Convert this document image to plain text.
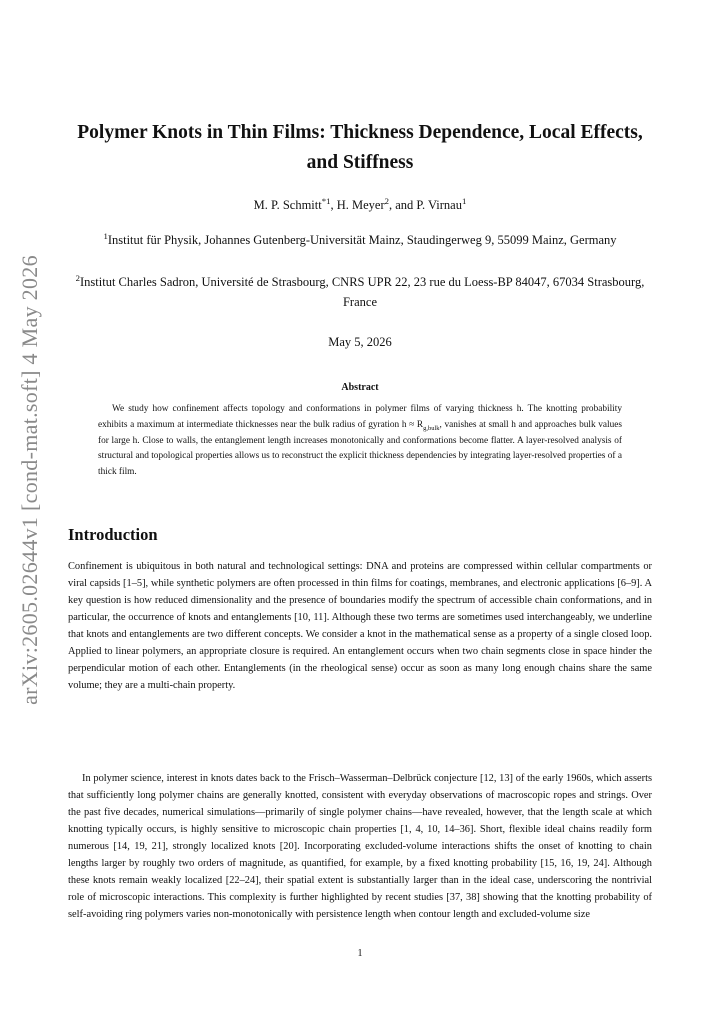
arXiv:2605.02644v1 [cond-mat.soft] 4 May 2026
Polymer Knots in Thin Films: Thickness Dependence, Local Effects, and Stiffness
M. P. Schmitt$^{*1}$, H. Meyer$^2$, and P. Virnau$^1$
$^1$Institut für Physik, Johannes Gutenberg-Universität Mainz, Staudingerweg 9, 55099 Mainz, Germany
$^2$Institut Charles Sadron, Université de Strasbourg, CNRS UPR 22, 23 rue du Loess-BP 84047, 67034 Strasbourg, France
May 5, 2026
Abstract
We study how confinement affects topology and conformations in polymer films of varying thickness h. The knotting probability exhibits a maximum at intermediate thicknesses near the bulk radius of gyration $h \approx R_{g,bulk}$, vanishes at small h and approaches bulk values for large h. Close to walls, the entanglement length increases monotonically and conformations become flatter. A layer-resolved analysis of structural and topological properties allows us to reconstruct the explicit thickness dependencies by integrating layer-resolved properties of a thick film.
Introduction
Confinement is ubiquitous in both natural and technological settings: DNA and proteins are compressed within cellular compartments or viral capsids [1–5], while synthetic polymers are often processed in thin films for coatings, membranes, and electronic applications [6–9]. A key question is how reduced dimensionality and the presence of boundaries modify the spectrum of accessible chain conformations, and in particular, the occurrence of knots and entanglements [10, 11]. Although these two terms are sometimes used interchangeably, we underline that knots and entanglements are two different concepts. We consider a knot in the mathematical sense as a property of a single closed loop. Applied to linear polymers, an appropriate closure is required. An entanglement occurs when two chain segments close in space hinder the perpendicular motion of each other. Entanglements (in the rheological sense) occur as soon as many long enough chains share the same volume; they are a multi-chain property.
In polymer science, interest in knots dates back to the Frisch–Wasserman–Delbrück conjecture [12, 13] of the early 1960s, which asserts that sufficiently long polymer chains are generally knotted, consistent with everyday observations of macroscopic ropes and strings. Over the past five decades, numerical simulations—primarily of single polymer chains—have revealed, however, that the length scale at which knotting typically occurs, is highly sensitive to microscopic chain properties [1, 4, 10, 14–36]. Short, flexible ideal chains readily form numerous [14, 19, 21], strongly localized knots [20]. Incorporating excluded-volume interactions shifts the onset of knotting to chain lengths larger by roughly two orders of magnitude, as quantified, for example, by a fixed knotting probability [15, 16, 19, 24]. Although these knots remain weakly localized [22–24], their spatial extent is substantially larger than in the ideal case, underscoring the nontrivial role of microscopic interactions. This complexity is further highlighted by recent studies [37, 38] showing that the knotting probability of self-avoiding ring polymers varies non-monotonically with persistence length when contour length and excluded-volume size
1
